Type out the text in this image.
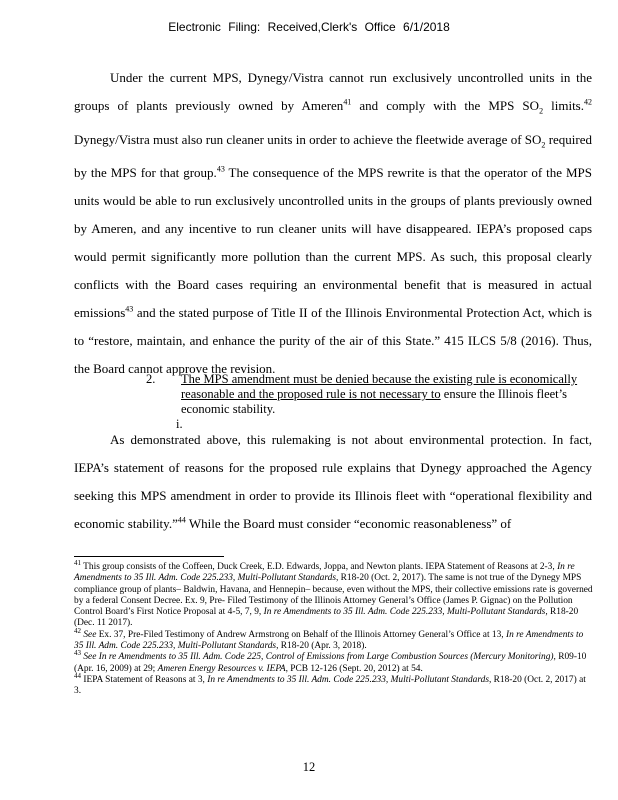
Electronic Filing: Received,Clerk's Office 6/1/2018

Under the current MPS, Dynegy/Vistra cannot run exclusively uncontrolled units in the groups of plants previously owned by Ameren$^{41}$ and comply with the MPS $SO_2$ limits.$^{42}$ Dynegy/Vistra must also run cleaner units in order to achieve the fleetwide average of $SO_2$ required by the MPS for that group.$^{43}$ The consequence of the MPS rewrite is that the operator of the MPS units would be able to run exclusively uncontrolled units in the groups of plants previously owned by Ameren, and any incentive to run cleaner units will have disappeared. IEPA’s proposed caps would permit significantly more pollution than the current MPS. As such, this proposal clearly conflicts with the Board cases requiring an environmental benefit that is measured in actual emissions$^{43}$ and the stated purpose of Title II of the Illinois Environmental Protection Act, which is to “restore, maintain, and enhance the purity of the air of this State.” 415 ILCS 5/8 (2016). Thus, the Board cannot approve the revision.

2. The MPS amendment must be denied because the existing rule is economically reasonable and the proposed rule is not necessary to ensure the Illinois fleet’s economic stability.
i.

As demonstrated above, this rulemaking is not about environmental protection. In fact, IEPA’s statement of reasons for the proposed rule explains that Dynegy approached the Agency seeking this MPS amendment in order to provide its Illinois fleet with “operational flexibility and economic stability.”$^{44}$ While the Board must consider “economic reasonableness” of

$^{41}$ This group consists of the Coffeen, Duck Creek, E.D. Edwards, Joppa, and Newton plants. IEPA Statement of Reasons at 2-3, In re Amendments to 35 Ill. Adm. Code 225.233, Multi-Pollutant Standards, R18-20 (Oct. 2, 2017). The same is not true of the Dynegy MPS compliance group of plants– Baldwin, Havana, and Hennepin– because, even without the MPS, their collective emissions rate is governed by a federal Consent Decree. Ex. 9, Pre- Filed Testimony of the Illinois Attorney General’s Office (James P. Gignac) on the Pollution Control Board’s First Notice Proposal at 4-5, 7, 9, In re Amendments to 35 Ill. Adm. Code 225.233, Multi-Pollutant Standards, R18-20 (Dec. 11 2017).

$^{42}$ See Ex. 37, Pre-Filed Testimony of Andrew Armstrong on Behalf of the Illinois Attorney General’s Office at 13, In re Amendments to 35 Ill. Adm. Code 225.233, Multi-Pollutant Standards, R18-20 (Apr. 3, 2018).

$^{43}$ See In re Amendments to 35 Ill. Adm. Code 225, Control of Emissions from Large Combustion Sources (Mercury Monitoring), R09-10 (Apr. 16, 2009) at 29; Ameren Energy Resources v. IEPA, PCB 12-126 (Sept. 20, 2012) at 54.

$^{44}$ IEPA Statement of Reasons at 3, In re Amendments to 35 Ill. Adm. Code 225.233, Multi-Pollutant Standards, R18-20 (Oct. 2, 2017) at 3.

12
